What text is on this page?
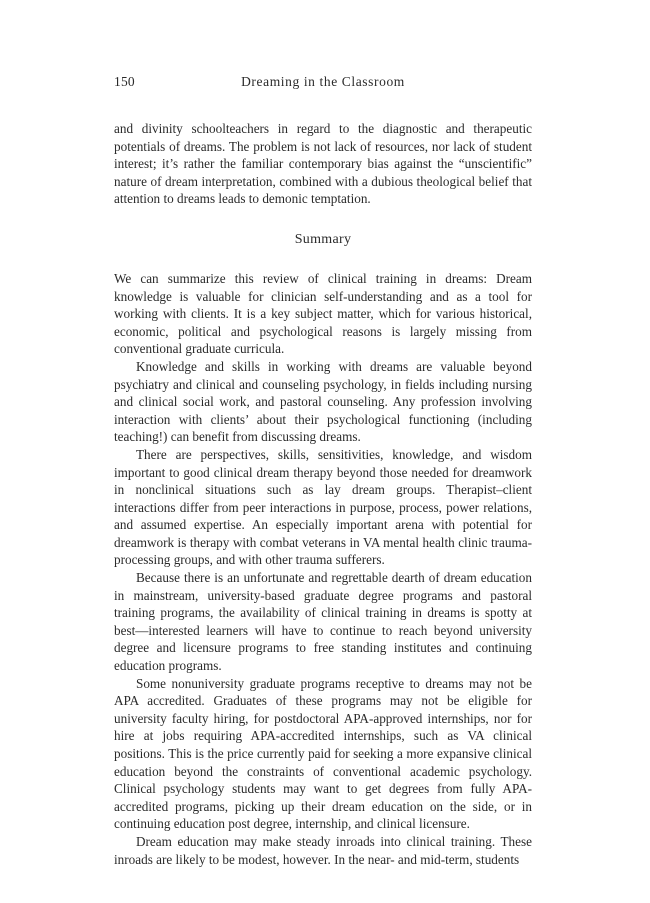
150	Dreaming in the Classroom

and divinity schoolteachers in regard to the diagnostic and therapeutic potentials of dreams. The problem is not lack of resources, nor lack of student interest; it’s rather the familiar contemporary bias against the “unscientific” nature of dream interpretation, combined with a dubious theological belief that attention to dreams leads to demonic temptation.

Summary

We can summarize this review of clinical training in dreams: Dream knowledge is valuable for clinician self-understanding and as a tool for working with clients. It is a key subject matter, which for various historical, economic, political and psychological reasons is largely missing from conventional graduate curricula.

Knowledge and skills in working with dreams are valuable beyond psychiatry and clinical and counseling psychology, in fields including nursing and clinical social work, and pastoral counseling. Any profession involving interaction with clients’ about their psychological functioning (including teaching!) can benefit from discussing dreams.

There are perspectives, skills, sensitivities, knowledge, and wisdom important to good clinical dream therapy beyond those needed for dreamwork in nonclinical situations such as lay dream groups. Therapist–client interactions differ from peer interactions in purpose, process, power relations, and assumed expertise. An especially important arena with potential for dreamwork is therapy with combat veterans in VA mental health clinic trauma-processing groups, and with other trauma sufferers.

Because there is an unfortunate and regrettable dearth of dream education in mainstream, university-based graduate degree programs and pastoral training programs, the availability of clinical training in dreams is spotty at best—interested learners will have to continue to reach beyond university degree and licensure programs to free standing institutes and continuing education programs.

Some nonuniversity graduate programs receptive to dreams may not be APA accredited. Graduates of these programs may not be eligible for university faculty hiring, for postdoctoral APA-approved internships, nor for hire at jobs requiring APA-accredited internships, such as VA clinical positions. This is the price currently paid for seeking a more expansive clinical education beyond the constraints of conventional academic psychology. Clinical psychology students may want to get degrees from fully APA-accredited programs, picking up their dream education on the side, or in continuing education post degree, internship, and clinical licensure.

Dream education may make steady inroads into clinical training. These inroads are likely to be modest, however. In the near- and mid-term, students
